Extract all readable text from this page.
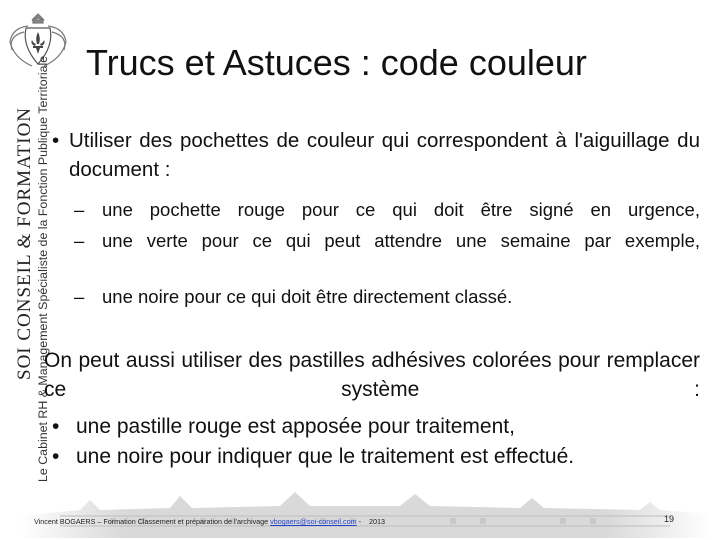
SOI CONSEIL & FORMATION Le Cabinet RH & Management Spécialiste de la Fonction Publique Territoriale Trucs et Astuces : code couleur
• Utiliser des pochettes de couleur qui correspondent à l'aiguillage du document :
– une pochette rouge pour ce qui doit être signé en urgence,
– une verte pour ce qui peut attendre une semaine par exemple,
– une noire pour ce qui doit être directement classé.
On peut aussi utiliser des pastilles adhésives colorées pour remplacer ce système :
• une pastille rouge est apposée pour traitement,
• une noire pour indiquer que le traitement est effectué.
Vincent BOGAERS – Formation Classement et préparation de l'archivage vbogaers@soi-conseil.com - 2013	19
